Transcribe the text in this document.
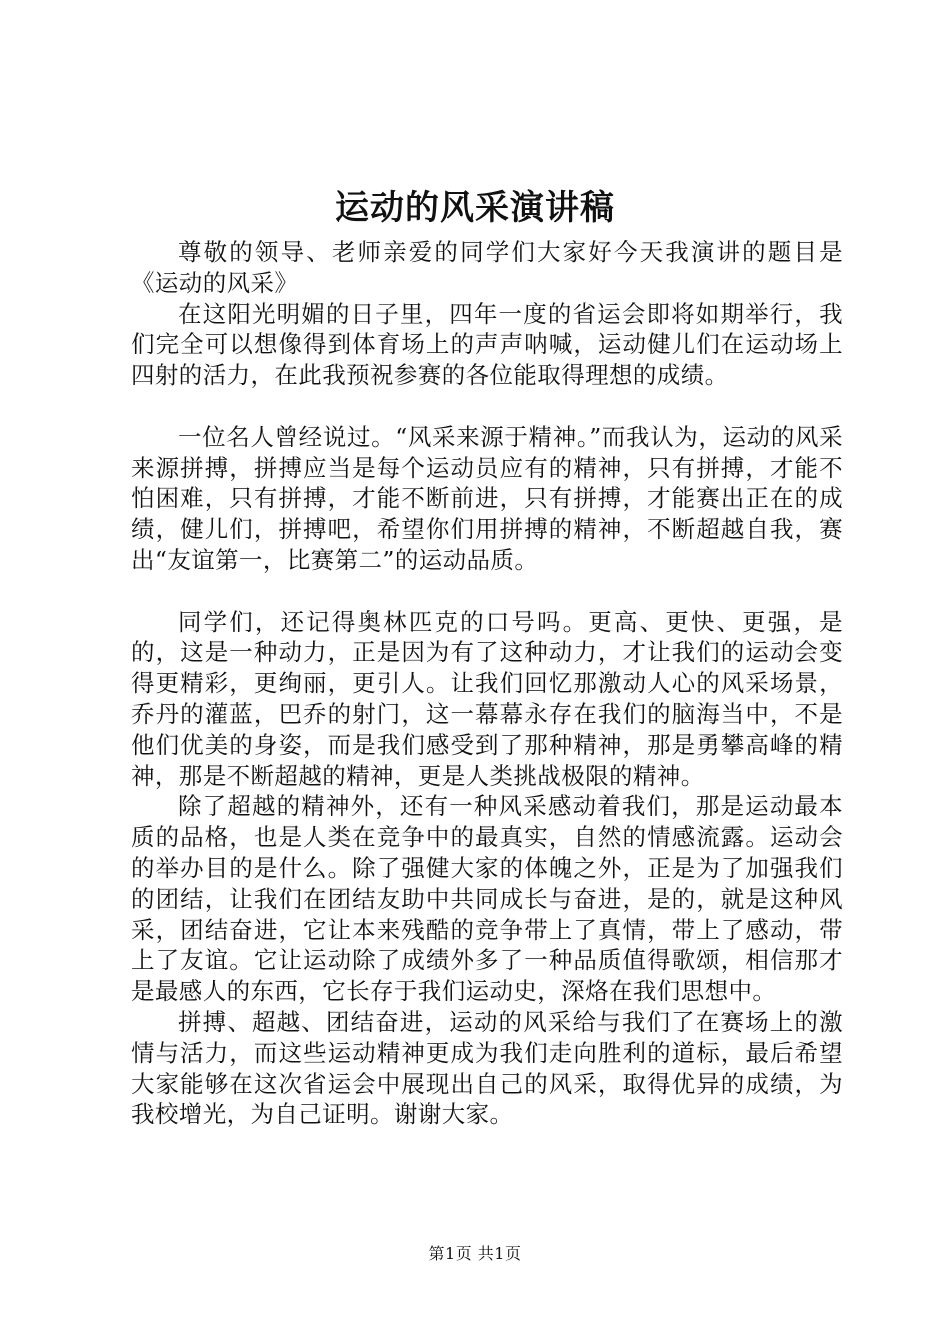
运动的风采演讲稿

尊敬的领导、老师亲爱的同学们大家好今天我演讲的题目是《运动的风采》

在这阳光明媚的日子里，四年一度的省运会即将如期举行，我们完全可以想像得到体育场上的声声呐喊，运动健儿们在运动场上四射的活力，在此我预祝参赛的各位能取得理想的成绩。

一位名人曾经说过。“风采来源于精神。”而我认为，运动的风采来源拼搏，拼搏应当是每个运动员应有的精神，只有拼搏，才能不怕困难，只有拼搏，才能不断前进，只有拼搏，才能赛出正在的成绩，健儿们，拼搏吧，希望你们用拼搏的精神，不断超越自我，赛出“友谊第一，比赛第二”的运动品质。

同学们，还记得奥林匹克的口号吗。更高、更快、更强，是的，这是一种动力，正是因为有了这种动力，才让我们的运动会变得更精彩，更绚丽，更引人。让我们回忆那激动人心的风采场景，乔丹的灌蓝，巴乔的射门，这一幕幕永存在我们的脑海当中，不是他们优美的身姿，而是我们感受到了那种精神，那是勇攀高峰的精神，那是不断超越的精神，更是人类挑战极限的精神。

除了超越的精神外，还有一种风采感动着我们，那是运动最本质的品格，也是人类在竞争中的最真实，自然的情感流露。运动会的举办目的是什么。除了强健大家的体魄之外，正是为了加强我们的团结，让我们在团结友助中共同成长与奋进，是的，就是这种风采，团结奋进，它让本来残酷的竞争带上了真情，带上了感动，带上了友谊。它让运动除了成绩外多了一种品质值得歌颂，相信那才是最感人的东西，它长存于我们运动史，深烙在我们思想中。

拼搏、超越、团结奋进，运动的风采给与我们了在赛场上的激情与活力，而这些运动精神更成为我们走向胜利的道标，最后希望大家能够在这次省运会中展现出自己的风采，取得优异的成绩，为我校增光，为自己证明。谢谢大家。

第1页 共1页
